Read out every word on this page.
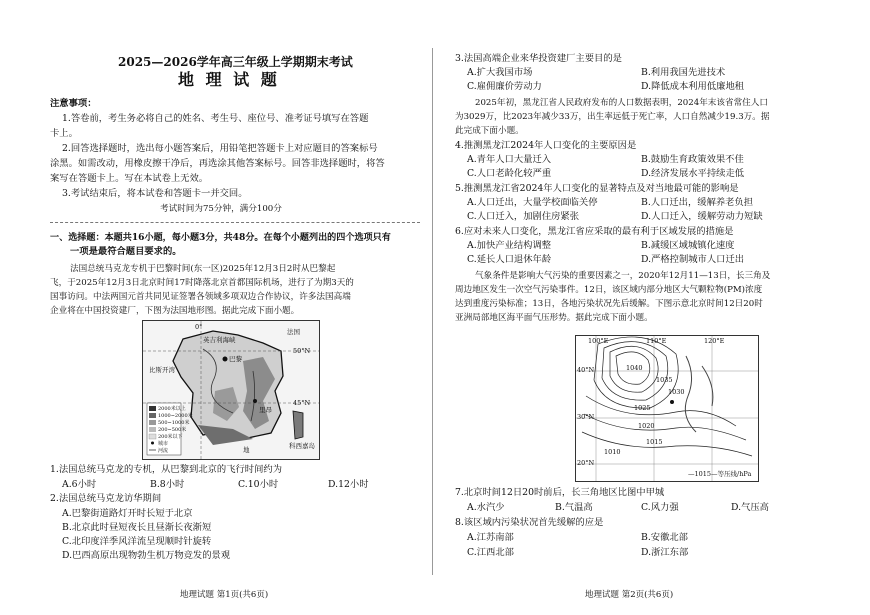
2025—2026学年高三年级上学期期末考试
地 理 试 题
注意事项：
1.答卷前，考生务必将自己的姓名、考生号、座位号、准考证号填写在答题
卡上。
2.回答选择题时，选出每小题答案后，用铅笔把答题卡上对应题目的答案标号
涂黑。如需改动，用橡皮擦干净后，再选涂其他答案标号。回答非选择题时，将答
案写在答题卡上。写在本试卷上无效。
3.考试结束后，将本试卷和答题卡一并交回。
考试时间为75分钟，满分100分
一、选择题：本题共16小题，每小题3分，共48分。在每个小题列出的四个选项只有
一项是最符合题目要求的。
法国总统马克龙专机于巴黎时间(东一区)2025年12月3日2时从巴黎起
飞，于2025年12月3日北京时间17时降落北京首都国际机场，进行了为期3天的
国事访问。中法两国元首共同见证签署各领域多项双边合作协议，许多法国高端
企业将在中国投资建厂，下图为法国地形图。据此完成下面小题。
法国
巴黎
50°N
45°N
0°
比斯开湾
英吉利海峡
里昂
地	科西嘉岛
2000米以上
1000~2000米
500~1000米
200~500米
200米以下
城市
河流
1.法国总统马克龙的专机，从巴黎到北京的飞行时间约为
A.6小时	B.8小时	C.10小时	D.12小时
2.法国总统马克龙访华期间
A.巴黎街道路灯开时长短于北京
B.北京此时昼短夜长且昼渐长夜渐短
C.北印度洋季风洋流呈现顺时针旋转
D.巴西高原出现物勃生机万物竞发的景观
地理试题 第1页(共6页)
3.法国高端企业来华投资建厂主要目的是
A.扩大我国市场	B.利用我国先进技术
C.雇佣廉价劳动力	D.降低成本利用低廉地租
2025年初，黑龙江省人民政府发布的人口数据表明，2024年末该省常住人口
为3029万，比2023年减少33万，出生率远低于死亡率，人口自然减少19.3万。据
此完成下面小题。
4.推测黑龙江2024年人口变化的主要原因是
A.青年人口大量迁入	B.鼓励生育政策效果不佳
C.人口老龄化较严重	D.经济发展水平持续走低
5.推测黑龙江省2024年人口变化的显著特点及对当地最可能的影响是
A.人口迁出，大量学校面临关停	B.人口迁出，缓解养老负担
C.人口迁入，加剧住房紧张	D.人口迁入，缓解劳动力短缺
6.应对未来人口变化，黑龙江省应采取的最有利于区域发展的措施是
A.加快产业结构调整	B.减缓区域城镇化速度
C.延长人口退休年龄	D.严格控制城市人口迁出
气象条件是影响大气污染的重要因素之一，2020年12月11—13日，长三角及
周边地区发生一次空气污染事件。12日，该区域内部分地区大气颗粒物(PM)浓度
达到重度污染标准；13日，各地污染状况先后缓解。下图示意北京时间12日20时
亚洲局部地区海平面气压形势。据此完成下面小题。
100°E	110°E	120°E
40°N
30°N
20°N
1040
1035
1030
1025
1020
1015
1010
—1015—等压线/hPa
7.北京时间12日20时前后，长三角地区比图中甲城
A.水汽少	B.气温高	C.风力强	D.气压高
8.该区域内污染状况首先缓解的应是
A.江苏南部	B.安徽北部
C.江西北部	D.浙江东部
地理试题 第2页(共6页)
